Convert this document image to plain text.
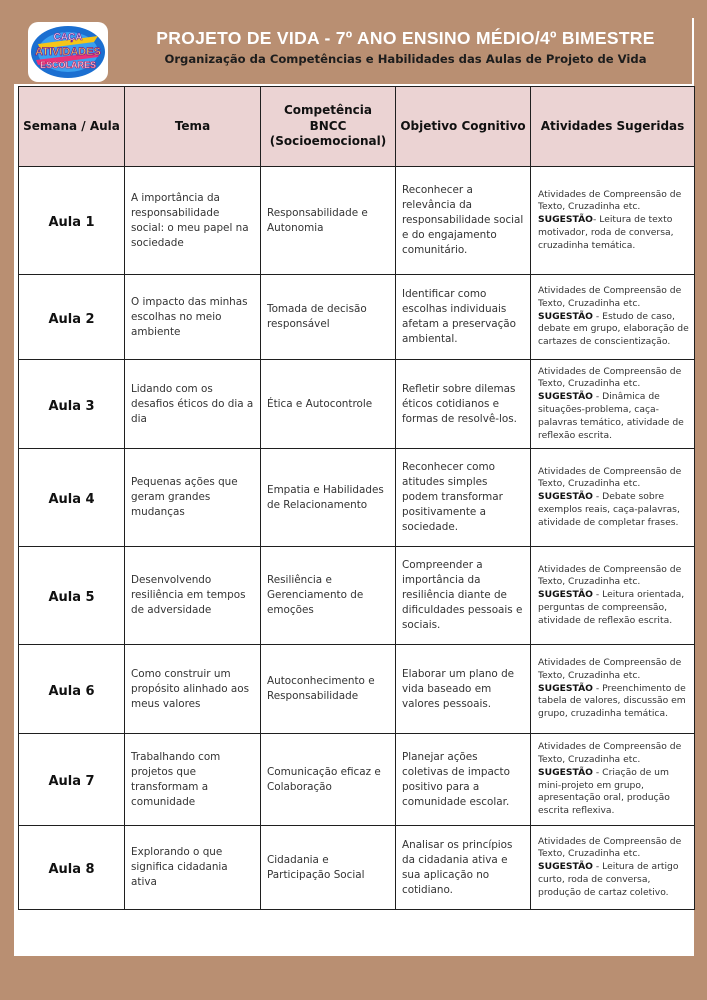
CAÇA
ATIVIDADES
ESCOLARES
PROJETO DE VIDA - 7º ANO ENSINO MÉDIO/4º BIMESTRE
Organização da Competências e Habilidades das Aulas de Projeto de Vida
Semana / Aula	Tema	Competência BNCC (Socioemocional)	Objetivo Cognitivo	Atividades Sugeridas
Aula 1	A importância da responsabilidade social: o meu papel na sociedade	Responsabilidade e Autonomia	Reconhecer a relevância da responsabilidade social e do engajamento comunitário.	Atividades de Compreensão de Texto, Cruzadinha etc. SUGESTÃO- Leitura de texto motivador, roda de conversa, cruzadinha temática.
Aula 2	O impacto das minhas escolhas no meio ambiente	Tomada de decisão responsável	Identificar como escolhas individuais afetam a preservação ambiental.	Atividades de Compreensão de Texto, Cruzadinha etc. SUGESTÃO - Estudo de caso, debate em grupo, elaboração de cartazes de conscientização.
Aula 3	Lidando com os desafios éticos do dia a dia	Ética e Autocontrole	Refletir sobre dilemas éticos cotidianos e formas de resolvê-los.	Atividades de Compreensão de Texto, Cruzadinha etc. SUGESTÃO - Dinâmica de situações-problema, caça-palavras temático, atividade de reflexão escrita.
Aula 4	Pequenas ações que geram grandes mudanças	Empatia e Habilidades de Relacionamento	Reconhecer como atitudes simples podem transformar positivamente a sociedade.	Atividades de Compreensão de Texto, Cruzadinha etc. SUGESTÃO - Debate sobre exemplos reais, caça-palavras, atividade de completar frases.
Aula 5	Desenvolvendo resiliência em tempos de adversidade	Resiliência e Gerenciamento de emoções	Compreender a importância da resiliência diante de dificuldades pessoais e sociais.	Atividades de Compreensão de Texto, Cruzadinha etc. SUGESTÃO - Leitura orientada, perguntas de compreensão, atividade de reflexão escrita.
Aula 6	Como construir um propósito alinhado aos meus valores	Autoconhecimento e Responsabilidade	Elaborar um plano de vida baseado em valores pessoais.	Atividades de Compreensão de Texto, Cruzadinha etc. SUGESTÃO - Preenchimento de tabela de valores, discussão em grupo, cruzadinha temática.
Aula 7	Trabalhando com projetos que transformam a comunidade	Comunicação eficaz e Colaboração	Planejar ações coletivas de impacto positivo para a comunidade escolar.	Atividades de Compreensão de Texto, Cruzadinha etc. SUGESTÃO - Criação de um mini-projeto em grupo, apresentação oral, produção escrita reflexiva.
Aula 8	Explorando o que significa cidadania ativa	Cidadania e Participação Social	Analisar os princípios da cidadania ativa e sua aplicação no cotidiano.	Atividades de Compreensão de Texto, Cruzadinha etc. SUGESTÃO - Leitura de artigo curto, roda de conversa, produção de cartaz coletivo.
